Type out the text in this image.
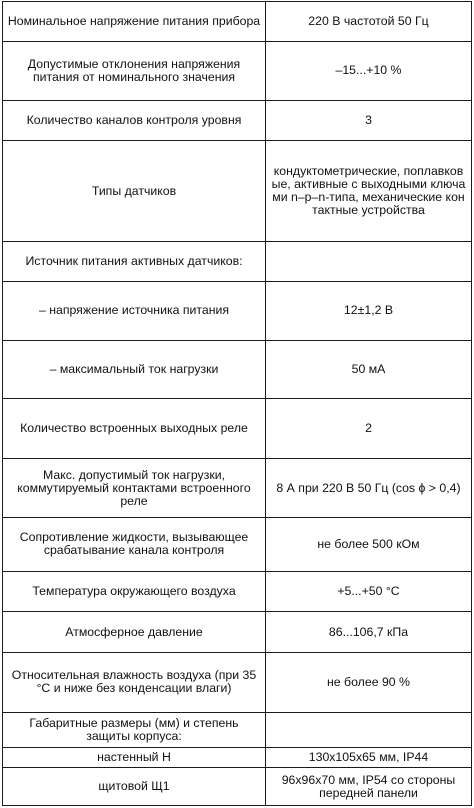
Номинальное напряжение питания прибора	220 В частотой 50 Гц
Допустимые отклонения напряжения питания от номинального значения	–15...+10 %
Количество каналов контроля уровня	3
Типы датчиков	кондуктометрические, поплавковые, активные с выходными ключами n–p–n-типа, механические контактные устройства
Источник питания активных датчиков:	
– напряжение источника питания	12±1,2 В
– максимальный ток нагрузки	50 мА
Количество встроенных выходных реле	2
Макс. допустимый ток нагрузки, коммутируемый контактами встроенного реле	8 А при 220 В 50 Гц (cos ϕ > 0,4)
Сопротивление жидкости, вызывающее срабатывание канала контроля	не более 500 кОм
Температура окружающего воздуха	+5...+50 °С
Атмосферное давление	86...106,7 кПа
Относительная влажность воздуха (при 35 °С и ниже без конденсации влаги)	не более 90 %
Габаритные размеры (мм) и степень защиты корпуса:	
настенный Н	130х105х65 мм, IP44
щитовой Щ1	96х96х70 мм, IP54 со стороны передней панели
